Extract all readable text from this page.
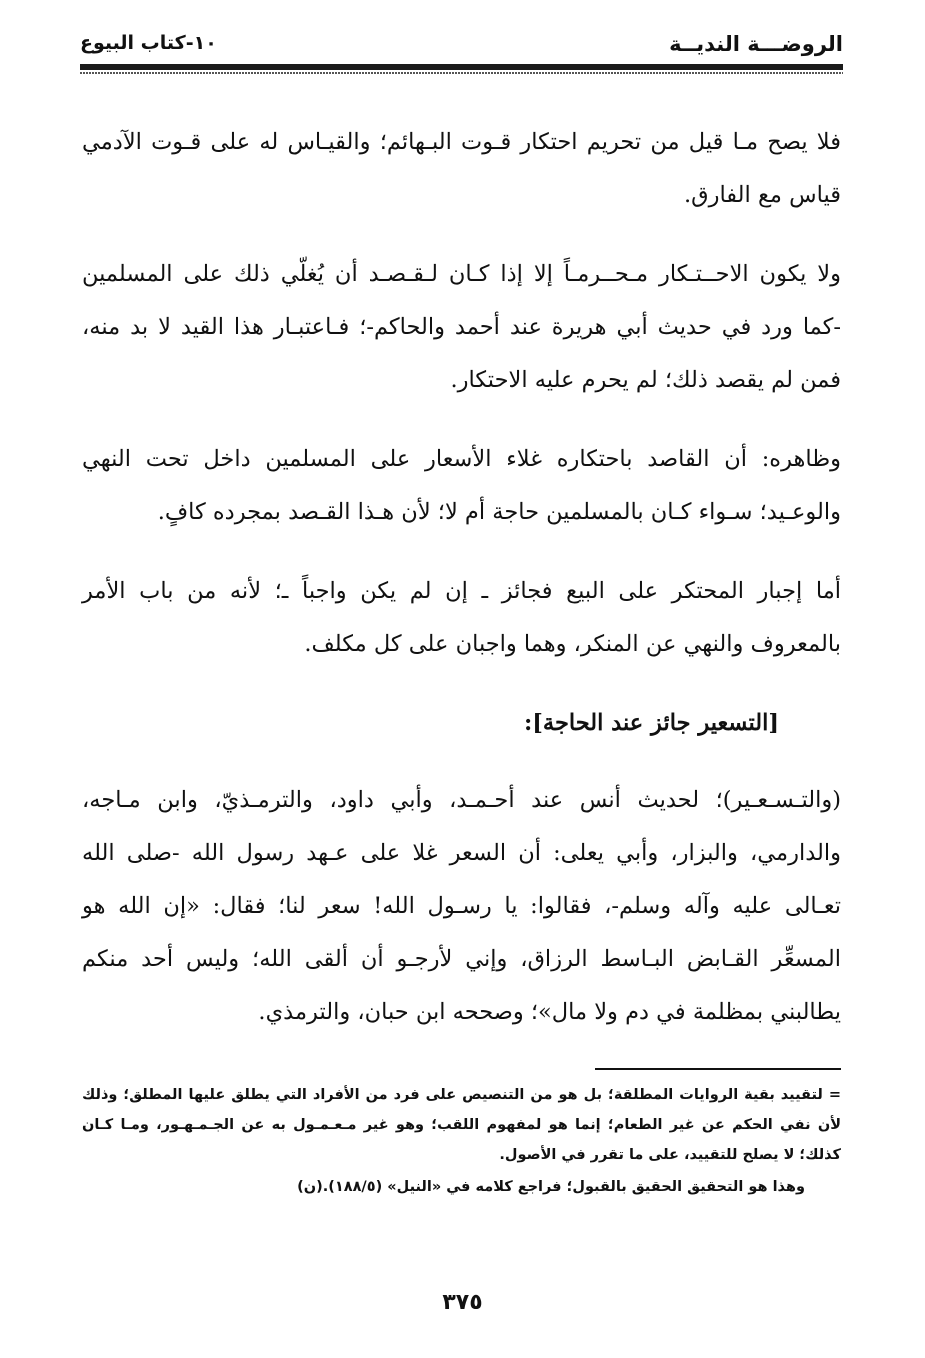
الروضـــة النديــة
١٠-كتاب البيوع

فلا يصح مـا قيل من تحريم احتكار قـوت البـهائم؛ والقيـاس له على قـوت الآدمي قياس مع الفارق.

ولا يكون الاحــتـكار مـحــرمـاً إلا إذا كـان لـقـصـد أن يُغلّي ذلك على المسلمين -كما ورد في حديث أبي هريرة عند أحمد والحاكم-؛ فـاعتبـار هذا القيد لا بد منه، فمن لم يقصد ذلك؛ لم يحرم عليه الاحتكار.

وظاهره: أن القاصد باحتكاره غلاء الأسعار على المسلمين داخل تحت النهي والوعـيد؛ سـواء كـان بالمسلمين حاجة أم لا؛ لأن هـذا القـصد بمجرده كافٍ.

أما إجبار المحتكر على البيع فجائز ـ إن لم يكن واجباً ـ؛ لأنه من باب الأمر بالمعروف والنهي عن المنكر، وهما واجبان على كل مكلف.

[التسعير جائز عند الحاجة]:

(والتـسـعـير)؛ لحديث أنس عند أحـمـد، وأبي داود، والترمـذيّ، وابن مـاجه، والدارمي، والبزار، وأبي يعلى: أن السعر غلا على عـهد رسول الله -صلى الله تعـالى عليه وآله وسلم-، فقالوا: يا رسـول الله! سعر لنا؛ فقال: «إن الله هو المسعِّر القـابض البـاسط الرزاق، وإني لأرجـو أن ألقى الله؛ وليس أحد منكم يطالبني بمظلمة في دم ولا مال»؛ وصححه ابن حبان، والترمذي.

= لتقييد بقية الروايات المطلقة؛ بل هو من التنصيص على فرد من الأفراد التي يطلق عليها المطلق؛ وذلك لأن نفي الحكم عن غير الطعام؛ إنما هو لمفهوم اللقب؛ وهو غير مـعـمـول به عن الجـمـهـور، ومـا كـان كذلك؛ لا يصلح للتقييد، على ما تقرر في الأصول.

وهذا هو التحقيق الحقيق بالقبول؛ فراجع كلامه في «النيل» (١٨٨/٥).(ن)

٣٧٥
